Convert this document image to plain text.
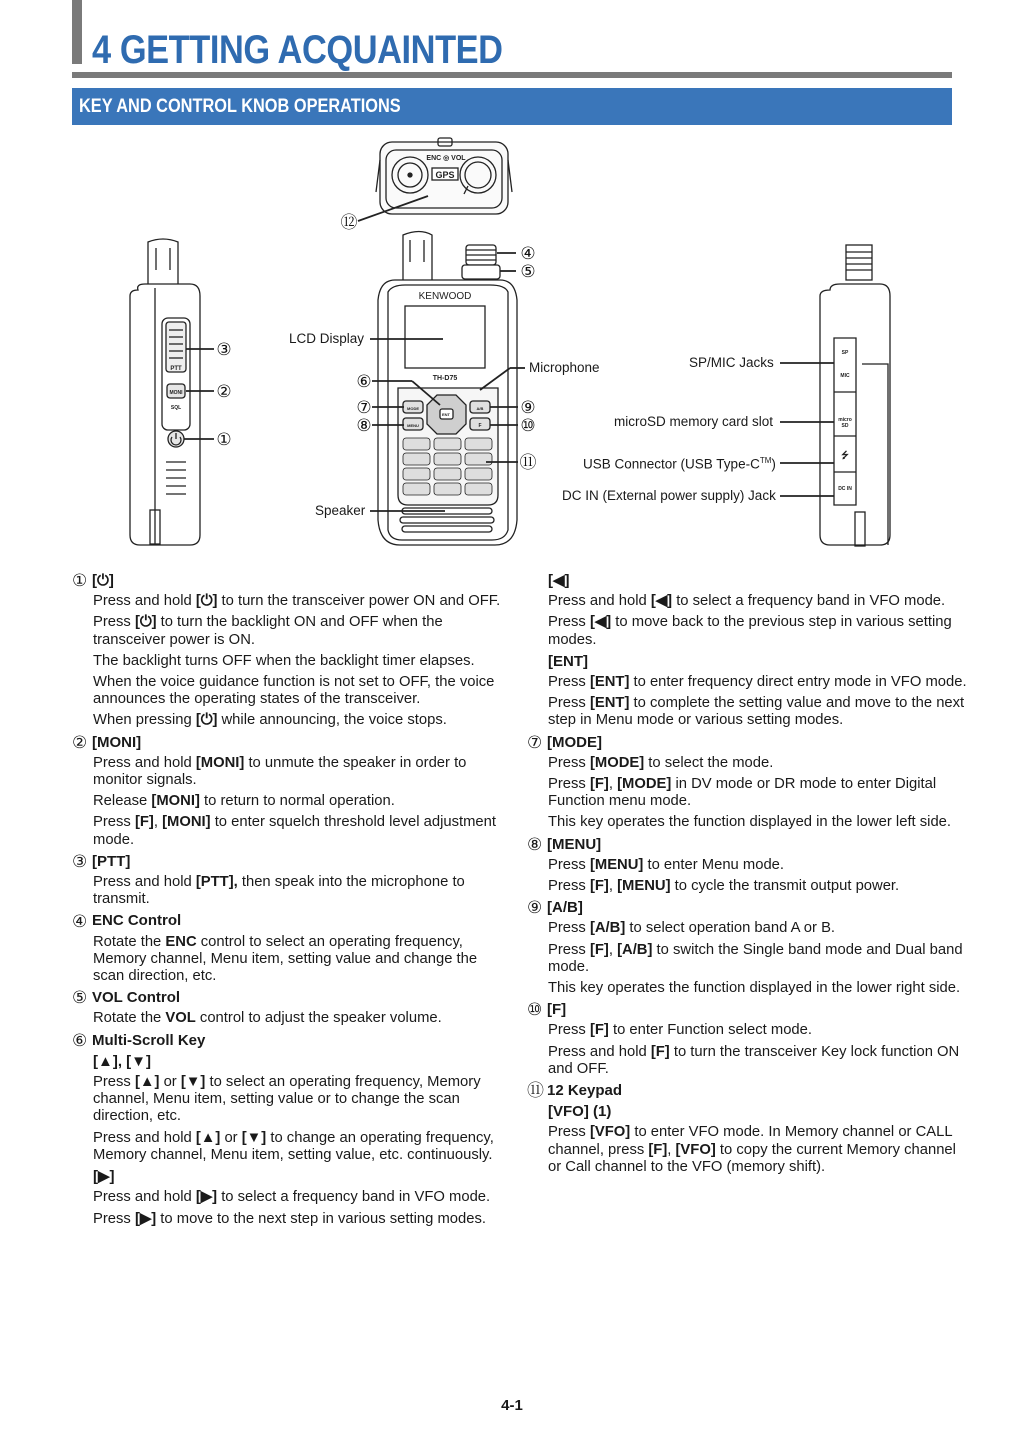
4 GETTING ACQUAINTED
KEY AND CONTROL KNOB OPERATIONS
ENC ◎ VOL
GPS
KENWOOD
TH-D75
PTT
MONI
SQL
SP
MIC
micro
SD
⭍
DC IN
MODE
MENU
A/B
F
ENT
③
②
①
④
⑤
⑥
⑦
⑧
⑨
⑩
⑪
⑫
LCD Display
Microphone
Speaker
SP/MIC Jacks
microSD memory card slot
USB Connector (USB Type-C™)
DC IN (External power supply) Jack
① [⏻]

Press and hold [⏻] to turn the transceiver power ON and OFF.

Press [⏻] to turn the backlight ON and OFF when the transceiver power is ON.

The backlight turns OFF when the backlight timer elapses.

When the voice guidance function is not set to OFF, the voice announces the operating states of the transceiver.

When pressing [⏻] while announcing, the voice stops.

② [MONI]

Press and hold [MONI] to unmute the speaker in order to monitor signals.

Release [MONI] to return to normal operation.

Press [F], [MONI] to enter squelch threshold level adjustment mode.

③ [PTT]

Press and hold [PTT], then speak into the microphone to transmit.

④ ENC Control

Rotate the ENC control to select an operating frequency, Memory channel, Menu item, setting value and change the scan direction, etc.

⑤ VOL Control

Rotate the VOL control to adjust the speaker volume.

⑥ Multi-Scroll Key
[▲], [▼]

Press [▲] or [▼] to select an operating frequency, Memory channel, Menu item, setting value or to change the scan direction, etc.

Press and hold [▲] or [▼] to change an operating frequency, Memory channel, Menu item, setting value, etc. continuously.

[▶]

Press and hold [▶] to select a frequency band in VFO mode.

Press [▶] to move to the next step in various setting modes.

[◀]

Press and hold [◀] to select a frequency band in VFO mode.

Press [◀] to move back to the previous step in various setting modes.

[ENT]

Press [ENT] to enter frequency direct entry mode in VFO mode.

Press [ENT] to complete the setting value and move to the next step in Menu mode or various setting modes.

⑦ [MODE]

Press [MODE] to select the mode.

Press [F], [MODE] in DV mode or DR mode to enter Digital Function menu mode.

This key operates the function displayed in the lower left side.

⑧ [MENU]

Press [MENU] to enter Menu mode.

Press [F], [MENU] to cycle the transmit output power.

⑨ [A/B]

Press [A/B] to select operation band A or B.

Press [F], [A/B] to switch the Single band mode and Dual band mode.

This key operates the function displayed in the lower right side.

⑩ [F]

Press [F] to enter Function select mode.

Press and hold [F] to turn the transceiver Key lock function ON and OFF.

⑪ 12 Keypad
[VFO] (1)

Press [VFO] to enter VFO mode. In Memory channel or CALL channel, press [F], [VFO] to copy the current Memory channel or Call channel to the VFO (memory shift).

4-1
